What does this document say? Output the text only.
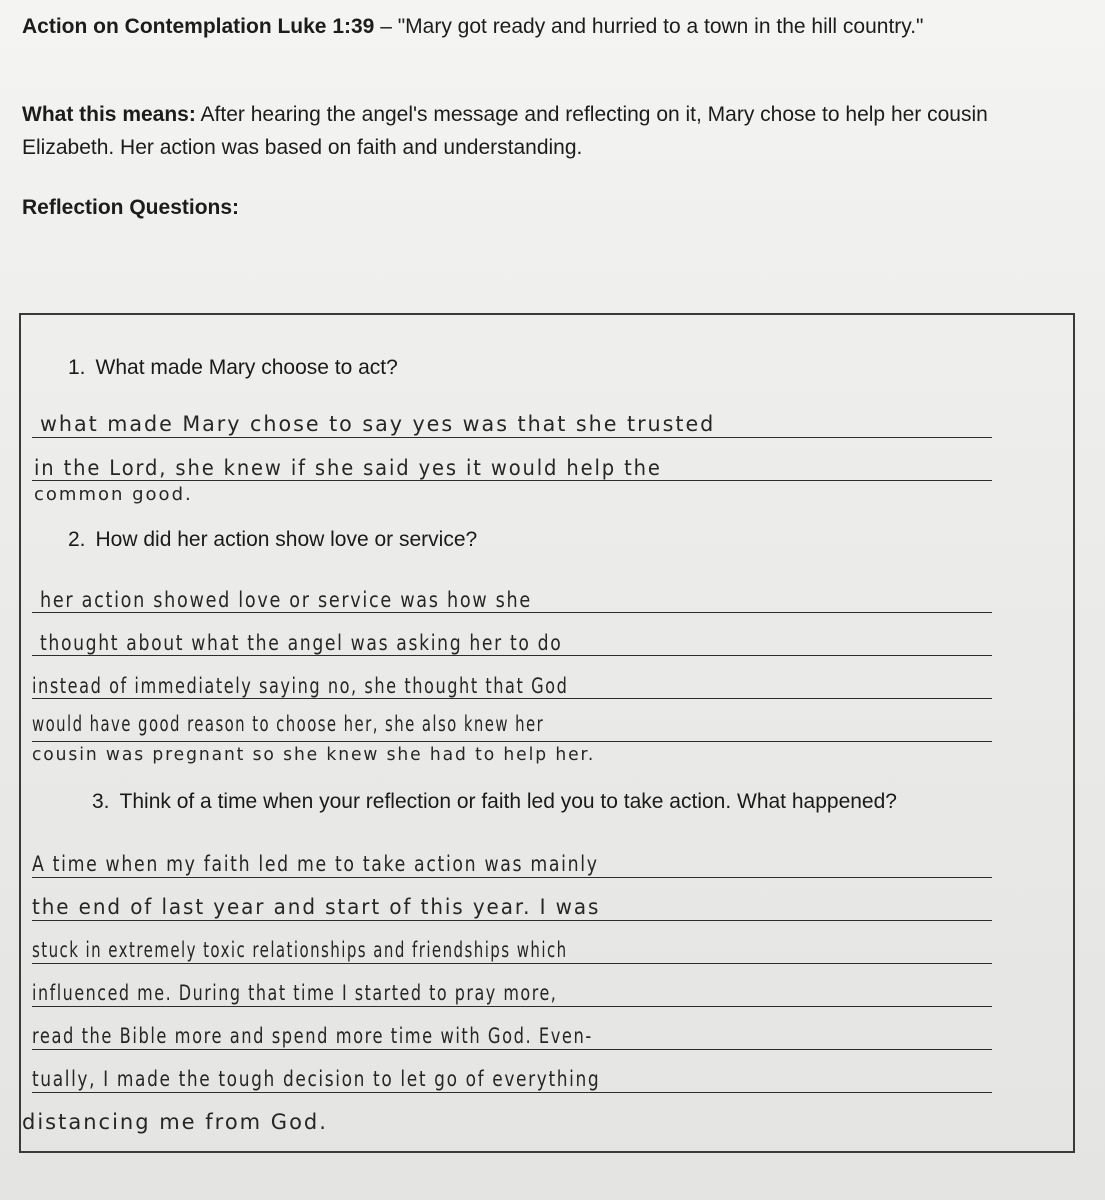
Action on Contemplation Luke 1:39 – "Mary got ready and hurried to a town in the hill country."
What this means: After hearing the angel's message and reflecting on it, Mary chose to help her cousin Elizabeth. Her action was based on faith and understanding.
Reflection Questions:
1. What made Mary choose to act?
what made Mary chose to say yes was that she trusted
in the Lord, she knew if she said yes it would help the
common good.
2. How did her action show love or service?
her action showed love or service was how she
thought about what the angel was asking her to do
instead of immediately saying no, she thought that God
would have good reason to choose her, she also knew her
cousin was pregnant so she knew she had to help her.
3. Think of a time when your reflection or faith led you to take action. What happened?
A time when my faith led me to take action was mainly
the end of last year and start of this year. I was
stuck in extremely toxic relationships and friendships which
influenced me. During that time I started to pray more,
read the Bible more and spend more time with God. Even-
tually, I made the tough decision to let go of everything
distancing me from God.
